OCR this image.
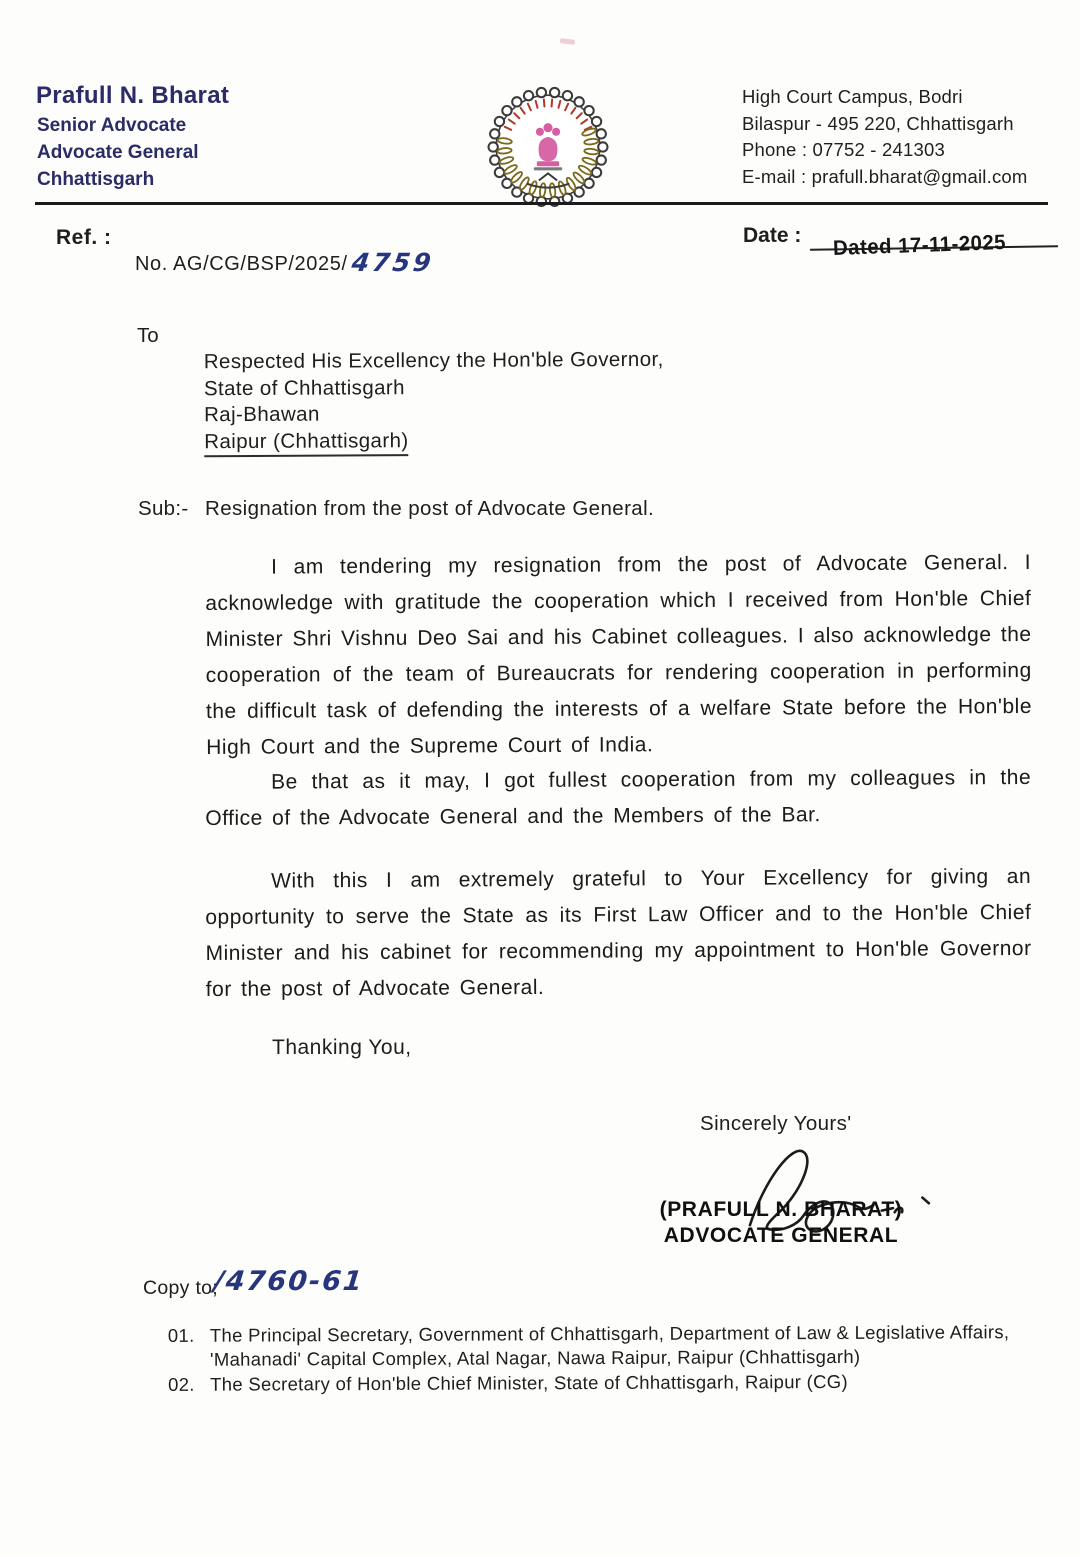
Prafull N. Bharat
Senior Advocate
Advocate General
Chhattisgarh
High Court Campus, Bodri
Bilaspur - 495 220, Chhattisgarh
Phone : 07752 - 241303
E-mail : prafull.bharat@gmail.com
Ref. :
No. AG/CG/BSP/2025/4759
Date : Dated 17-11-2025
To
Respected His Excellency the Hon'ble Governor,
State of Chhattisgarh
Raj-Bhawan
Raipur (Chhattisgarh)
Sub:- Resignation from the post of Advocate General.

I am tendering my resignation from the post of Advocate General. I acknowledge with gratitude the cooperation which I received from Hon'ble Chief Minister Shri Vishnu Deo Sai and his Cabinet colleagues. I also acknowledge the cooperation of the team of Bureaucrats for rendering cooperation in performing the difficult task of defending the interests of a welfare State before the Hon'ble High Court and the Supreme Court of India.

Be that as it may, I got fullest cooperation from my colleagues in the Office of the Advocate General and the Members of the Bar.

With this I am extremely grateful to Your Excellency for giving an opportunity to serve the State as its First Law Officer and to the Hon'ble Chief Minister and his cabinet for recommending my appointment to Hon'ble Governor for the post of Advocate General.

Thanking You,
Sincerely Yours'
(PRAFULL N. BHARAT)
ADVOCATE GENERAL
Copy to;
/4760-61
01. The Principal Secretary, Government of Chhattisgarh, Department of Law & Legislative Affairs, 'Mahanadi' Capital Complex, Atal Nagar, Nawa Raipur, Raipur (Chhattisgarh)
02. The Secretary of Hon'ble Chief Minister, State of Chhattisgarh, Raipur (CG)
